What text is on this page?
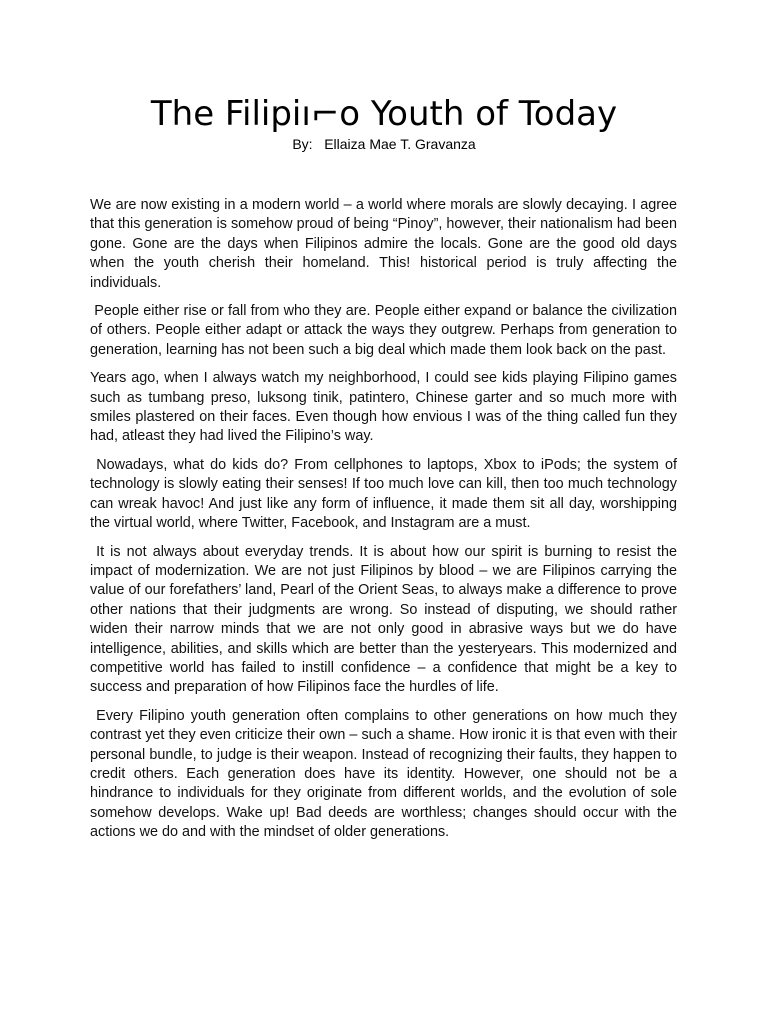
The Filipiı⌐o Youth of Today
By:   Ellaiza Mae T. Gravanza

We are now existing in a modern world – a world where morals are slowly decaying. I agree that this generation is somehow proud of being “Pinoy”, however, their nationalism had been gone. Gone are the days when Filipinos admire the locals. Gone are the good old days when the youth cherish their homeland. This! historical period is truly affecting the individuals.

People either rise or fall from who they are. People either expand or balance the civilization of others. People either adapt or attack the ways they outgrew. Perhaps from generation to generation, learning has not been such a big deal which made them look back on the past.

Years ago, when I always watch my neighborhood, I could see kids playing Filipino games such as tumbang preso, luksong tinik, patintero, Chinese garter and so much more with smiles plastered on their faces. Even though how envious I was of the thing called fun they had, atleast they had lived the Filipino’s way.

Nowadays, what do kids do? From cellphones to laptops, Xbox to iPods; the system of technology is slowly eating their senses! If too much love can kill, then too much technology can wreak havoc! And just like any form of influence, it made them sit all day, worshipping the virtual world, where Twitter, Facebook, and Instagram are a must.

It is not always about everyday trends. It is about how our spirit is burning to resist the impact of modernization. We are not just Filipinos by blood – we are Filipinos carrying the value of our forefathers’ land, Pearl of the Orient Seas, to always make a difference to prove other nations that their judgments are wrong. So instead of disputing, we should rather widen their narrow minds that we are not only good in abrasive ways but we do have intelligence, abilities, and skills which are better than the yesteryears. This modernized and competitive world has failed to instill confidence – a confidence that might be a key to success and preparation of how Filipinos face the hurdles of life.

Every Filipino youth generation often complains to other generations on how much they contrast yet they even criticize their own – such a shame. How ironic it is that even with their personal bundle, to judge is their weapon. Instead of recognizing their faults, they happen to credit others. Each generation does have its identity. However, one should not be a hindrance to individuals for they originate from different worlds, and the evolution of sole somehow develops. Wake up! Bad deeds are worthless; changes should occur with the actions we do and with the mindset of older generations.
